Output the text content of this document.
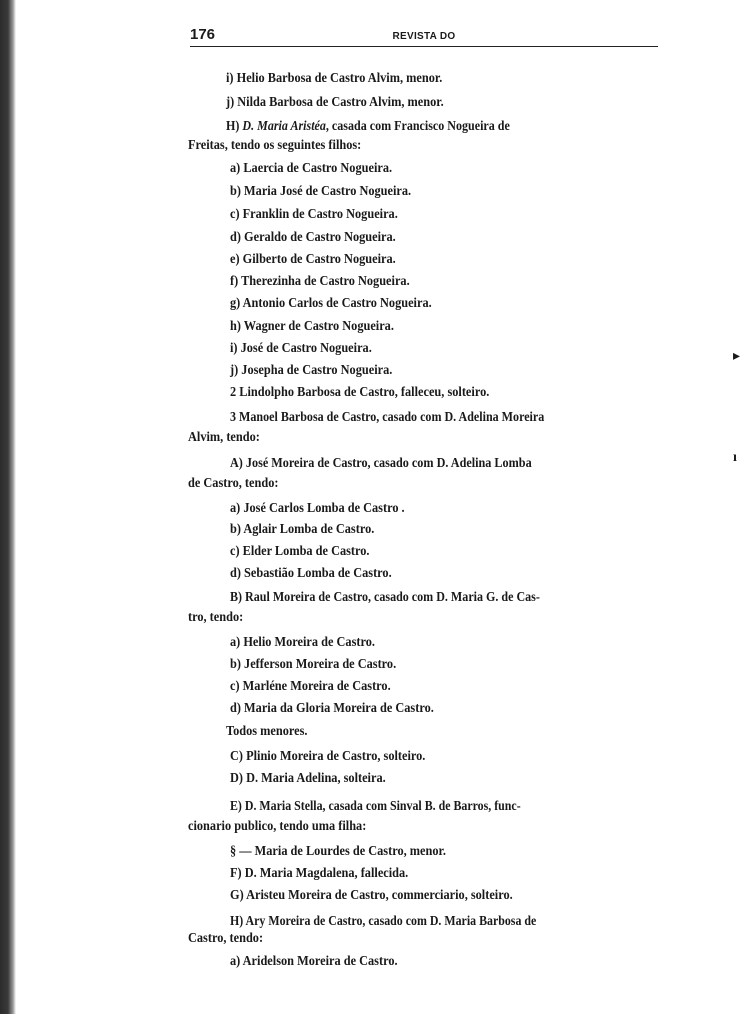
176	REVISTA DO
i) Helio Barbosa de Castro Alvim, menor.
j) Nilda Barbosa de Castro Alvim, menor.
H) D. Maria Aristéa, casada com Francisco Nogueira de
Freitas, tendo os seguintes filhos:
a) Laercia de Castro Nogueira.
b) Maria José de Castro Nogueira.
c) Franklin de Castro Nogueira.
d) Geraldo de Castro Nogueira.
e) Gilberto de Castro Nogueira.
f) Therezinha de Castro Nogueira.
g) Antonio Carlos de Castro Nogueira.
h) Wagner de Castro Nogueira.
i) José de Castro Nogueira.
j) Josepha de Castro Nogueira.
2 Lindolpho Barbosa de Castro, falleceu, solteiro.
3 Manoel Barbosa de Castro, casado com D. Adelina Moreira
Alvim, tendo:
A) José Moreira de Castro, casado com D. Adelina Lomba
de Castro, tendo:
a) José Carlos Lomba de Castro .
b) Aglair Lomba de Castro.
c) Elder Lomba de Castro.
d) Sebastião Lomba de Castro.
B) Raul Moreira de Castro, casado com D. Maria G. de Cas-
tro, tendo:
a) Helio Moreira de Castro.
b) Jefferson Moreira de Castro.
c) Marléne Moreira de Castro.
d) Maria da Gloria Moreira de Castro.
Todos menores.
C) Plinio Moreira de Castro, solteiro.
D) D. Maria Adelina, solteira.
E) D. Maria Stella, casada com Sinval B. de Barros, func-
cionario publico, tendo uma filha:
§ — Maria de Lourdes de Castro, menor.
F) D. Maria Magdalena, fallecida.
G) Aristeu Moreira de Castro, commerciario, solteiro.
H) Ary Moreira de Castro, casado com D. Maria Barbosa de
Castro, tendo:
a) Aridelson Moreira de Castro.
▸
ı
